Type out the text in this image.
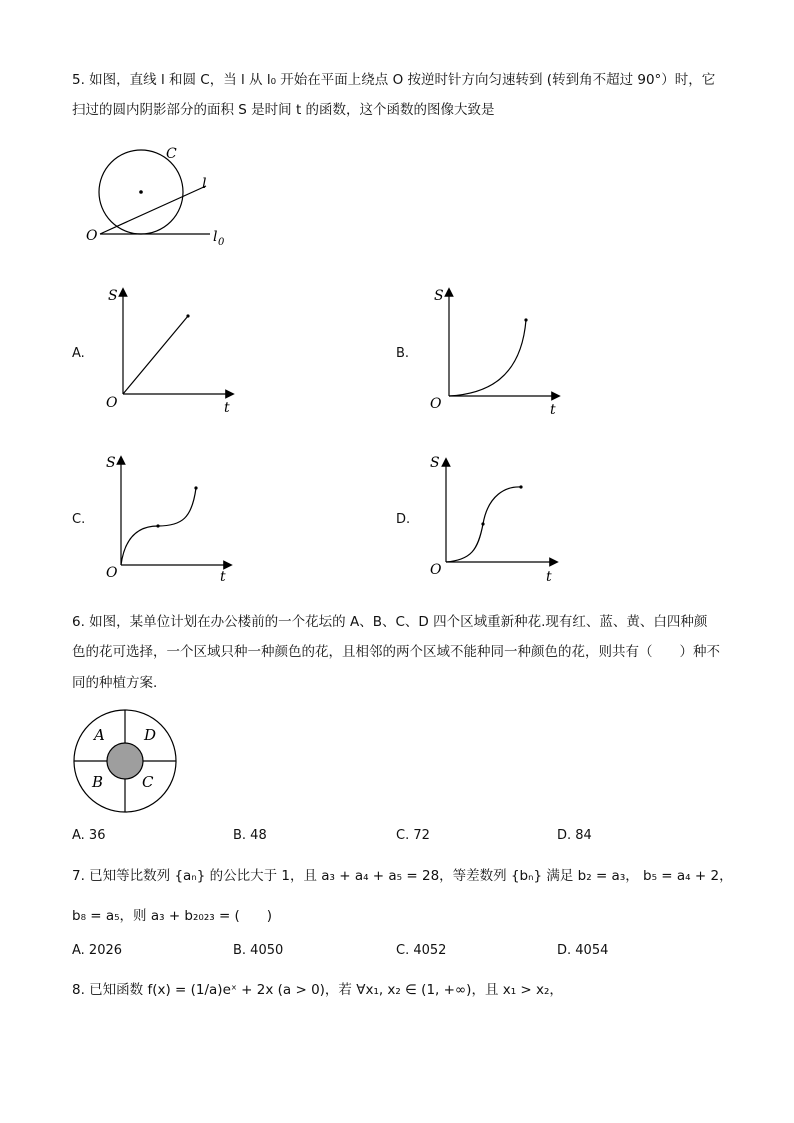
5. 如图，直线 l 和圆 C，当 l 从 l₀ 开始在平面上绕点 O 按逆时针方向匀速转到 (转到角不超过 90°）时，它
扫过的圆内阴影部分的面积 S 是时间 t 的函数，这个函数的图像大致是
C
l
O	l 0
A.
S
t
O
B.
S
t
O
C.
S
t
O
D.
S
t
O
6. 如图，某单位计划在办公楼前的一个花坛的 A、B、C、D 四个区域重新种花.现有红、蓝、黄、白四种颜
色的花可选择，一个区域只种一种颜色的花，且相邻的两个区域不能种同一种颜色的花，则共有（　　）种不
同的种植方案.
A	D
B	C
A. 36	B. 48	C. 72	D. 84
7. 已知等比数列 {aₙ} 的公比大于 1，且 a₃ + a₄ + a₅ = 28，等差数列 {bₙ} 满足 b₂ = a₃， b₅ = a₄ + 2，
b₈ = a₅，则 a₃ + b₂₀₂₃ = (　　)
A. 2026	B. 4050	C. 4052	D. 4054
8. 已知函数 f(x) = (1/a)eˣ + 2x (a > 0)，若 ∀x₁, x₂ ∈ (1, +∞)，且 x₁ > x₂，
